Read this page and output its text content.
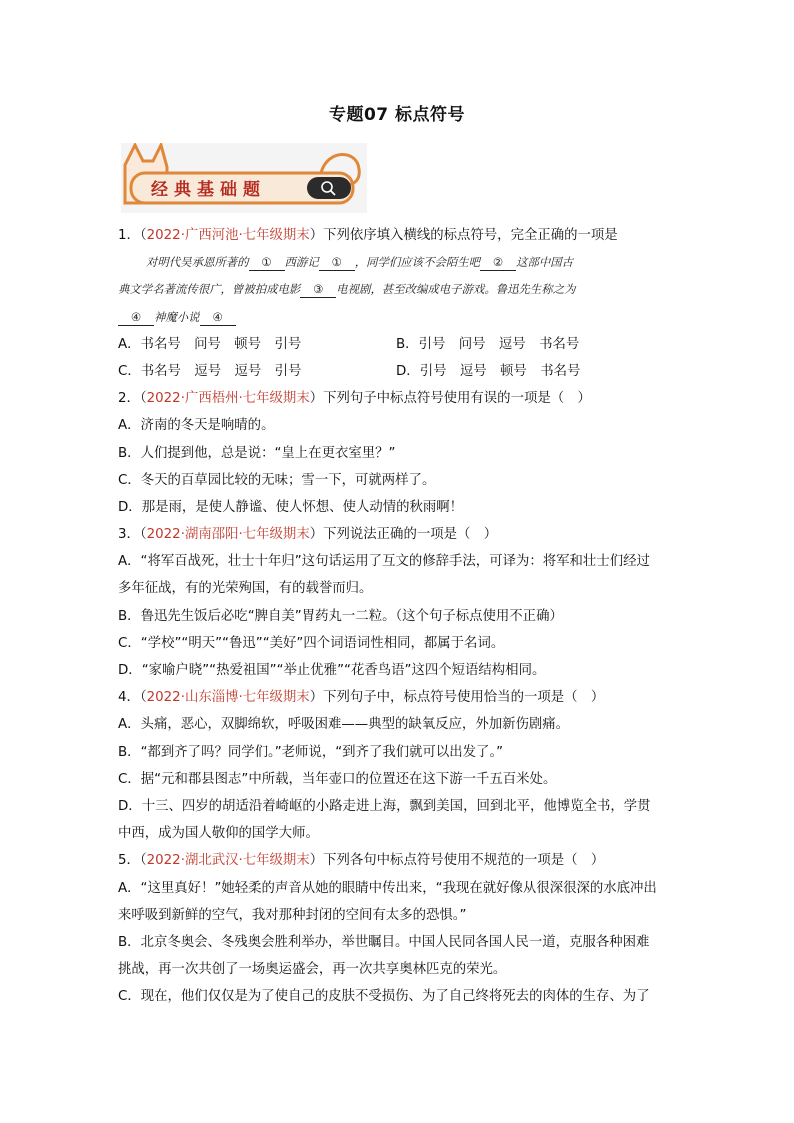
专题07 标点符号
经典基础题
1．（2022·广西河池·七年级期末）下列依序填入横线的标点符号，完全正确的一项是
对明代吴承恩所著的 ① 西游记 ① ，同学们应该不会陌生吧 ② 这部中国古
典文学名著流传很广，曾被拍成电影 ③ 电视剧，甚至改编成电子游戏。鲁迅先生称之为
④ 神魔小说 ④
A．书名号　问号　顿号　引号	B．引号　问号　逗号　书名号
C．书名号　逗号　逗号　引号	D．引号　逗号　顿号　书名号
2．（2022·广西梧州·七年级期末）下列句子中标点符号使用有误的一项是（　）
A．济南的冬天是响晴的。
B．人们提到他，总是说：“皇上在更衣室里？”
C．冬天的百草园比较的无味；雪一下，可就两样了。
D．那是雨，是使人静谧、使人怀想、使人动情的秋雨啊！
3．（2022·湖南邵阳·七年级期末）下列说法正确的一项是（　）
A．“将军百战死，壮士十年归”这句话运用了互文的修辞手法，可译为：将军和壮士们经过
多年征战，有的光荣殉国，有的载誉而归。
B．鲁迅先生饭后必吃“脾自美”胃药丸一二粒。（这个句子标点使用不正确）
C．“学校”“明天”“鲁迅”“美好”四个词语词性相同，都属于名词。
D．“家喻户晓”“热爱祖国”“举止优雅”“花香鸟语”这四个短语结构相同。
4．（2022·山东淄博·七年级期末）下列句子中，标点符号使用恰当的一项是（　）
A．头痛，恶心，双脚绵软，呼吸困难——典型的缺氧反应，外加新伤剧痛。
B．“都到齐了吗？同学们。”老师说，“到齐了我们就可以出发了。”
C．据“元和郡县图志”中所载，当年壶口的位置还在这下游一千五百米处。
D．十三、四岁的胡适沿着崎岖的小路走进上海，飘到美国，回到北平，他博览全书，学贯
中西，成为国人敬仰的国学大师。
5．（2022·湖北武汉·七年级期末）下列各句中标点符号使用不规范的一项是（　）
A．“这里真好！”她轻柔的声音从她的眼睛中传出来，“我现在就好像从很深很深的水底冲出
来呼吸到新鲜的空气，我对那种封闭的空间有太多的恐惧。”
B．北京冬奥会、冬残奥会胜利举办，举世瞩目。中国人民同各国人民一道，克服各种困难
挑战，再一次共创了一场奥运盛会，再一次共享奥林匹克的荣光。
C．现在，他们仅仅是为了使自己的皮肤不受损伤、为了自己终将死去的肉体的生存、为了
